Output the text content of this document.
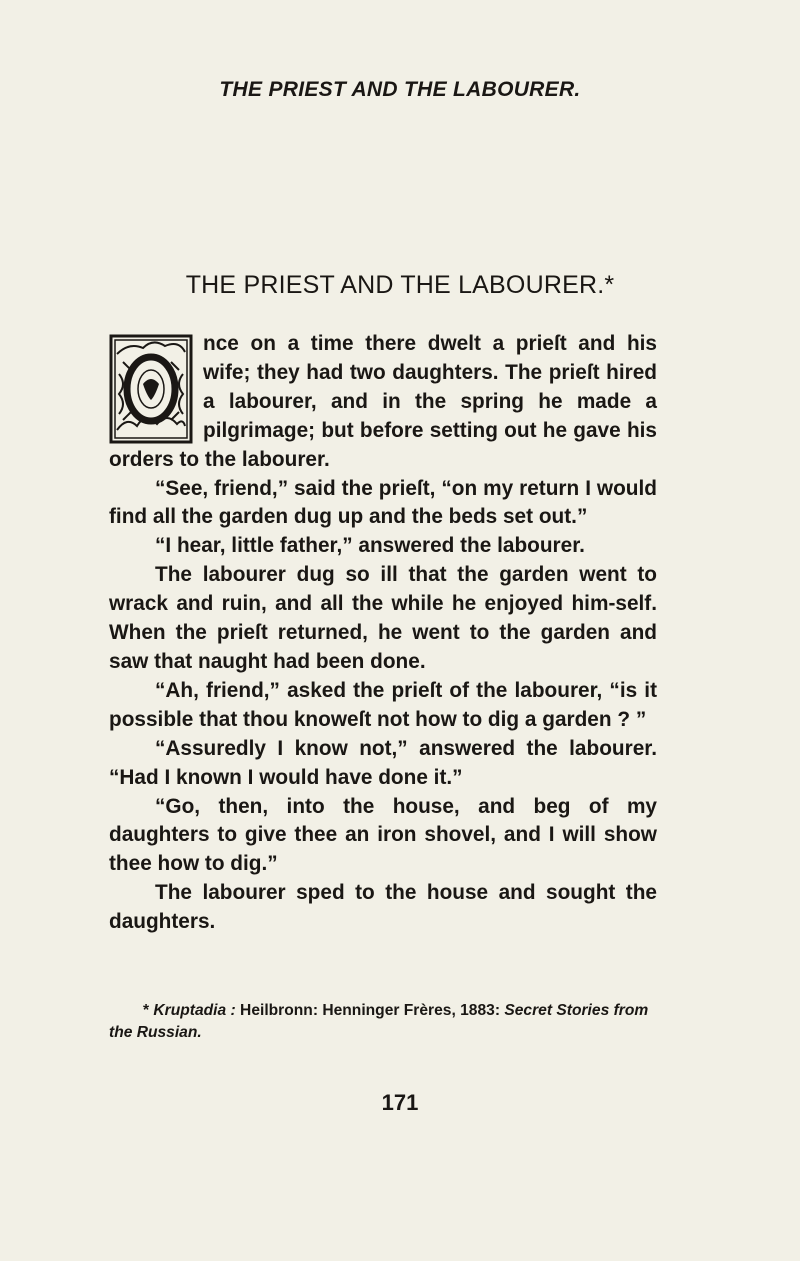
THE PRIEST AND THE LABOURER.
THE PRIEST AND THE LABOURER.*

nce on a time there dwelt a prieſt and his wife; they had two daughters. The prieſt hired a labourer, and in the spring he made a pilgrimage; but before setting out he gave his orders to the labourer.

“See, friend,” said the prieſt, “on my return I would find all the garden dug up and the beds set out.”

“I hear, little father,” answered the labourer.

The labourer dug so ill that the garden went to wrack and ruin, and all the while he enjoyed him-self. When the prieſt returned, he went to the garden and saw that naught had been done.

“Ah, friend,” asked the prieſt of the labourer, “is it possible that thou knoweſt not how to dig a garden ? ”

“Assuredly I know not,” answered the labourer. “Had I known I would have done it.”

“Go, then, into the house, and beg of my daughters to give thee an iron shovel, and I will show thee how to dig.”

The labourer sped to the house and sought the daughters.

* Kruptadia : Heilbronn: Henninger Frères, 1883: Secret Stories from the Russian.
171
